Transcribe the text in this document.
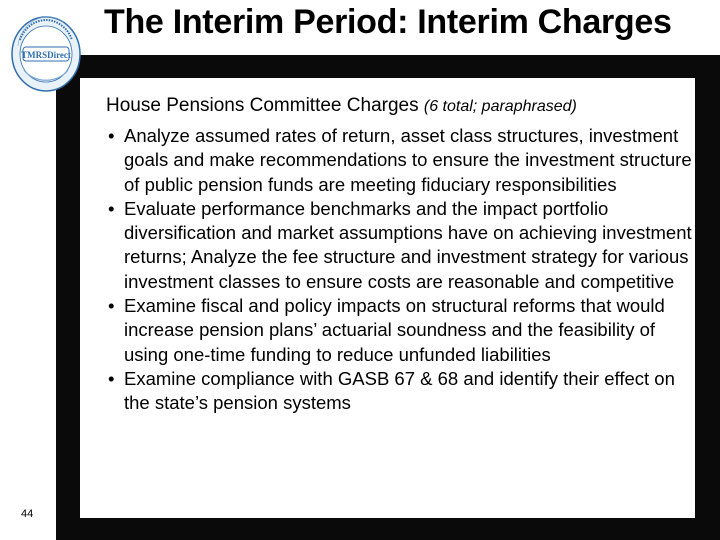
TMRSDirect
The Interim Period: Interim Charges
House Pensions Committee Charges (6 total; paraphrased)
• Analyze assumed rates of return, asset class structures, investment goals and make recommendations to ensure the investment structure of public pension funds are meeting fiduciary responsibilities
• Evaluate performance benchmarks and the impact portfolio diversification and market assumptions have on achieving investment returns; Analyze the fee structure and investment strategy for various investment classes to ensure costs are reasonable and competitive
• Examine fiscal and policy impacts on structural reforms that would increase pension plans’ actuarial soundness and the feasibility of using one-time funding to reduce unfunded liabilities
• Examine compliance with GASB 67 & 68 and identify their effect on the state’s pension systems
44
